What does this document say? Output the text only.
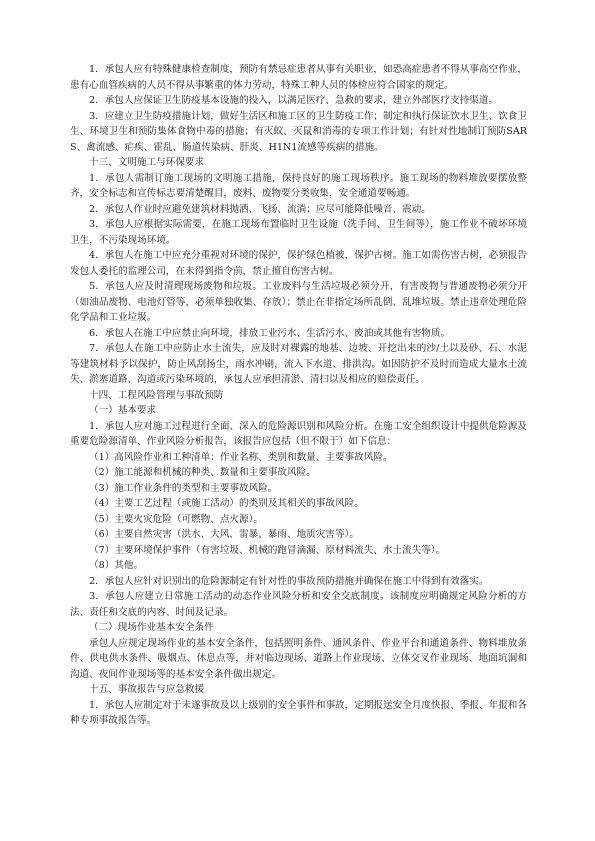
1．承包人应有特殊健康检查制度，预防有禁忌症患者从事有关职业，如恐高症患者不得从事高空作业，患有心血管疾病的人员不得从事繁重的体力劳动，特殊工种人员的体检应符合国家的规定。

2．承包人应保证卫生防疫基本设施的投入，以满足医疗、急救的要求，建立外部医疗支持渠道。

3．应建立卫生防疫措施计划，做好生活区和施工区的卫生防疫工作；制定和执行保证饮水卫生、饮食卫生、环境卫生和预防集体食物中毒的措施；有灭蚊、灭鼠和消毒的专项工作计划；有针对性地制订预防SARS、禽流感、疟疾、霍乱、肠道传染病、肝炎、H1N1流感等疾病的措施。

十三、文明施工与环保要求

1．承包人需制订施工现场的文明施工措施，保持良好的施工现场秩序。施工现场的物料堆放要摆放整齐，安全标志和宣传标志要清楚醒目，废料、废物要分类收集，安全通道要畅通。

2．承包人作业时应避免建筑材料抛洒、飞扬、流淌；应尽可能降低噪音、震动。

3．承包人应根据实际需要，在施工现场布置临时卫生设施（洗手间、卫生间等），施工作业不破坏环境卫生，不污染现场环境。

4．承包人在施工中应充分重视对环境的保护，保护绿色植被，保护古树。施工如需伤害古树，必须报告发包人委托的监理公司，在未得到指令前，禁止擅自伤害古树。

5．承包人应及时清理现场废物和垃圾。工业废料与生活垃圾必须分开，有害废物与普通废物必须分开（如油品废物、电池灯管等，必须单独收集、存放）；禁止在非指定场所乱倒、乱堆垃圾。禁止违章处理危险化学品和工业垃圾。

6．承包人在施工中应禁止向环境，排放工业污水、生活污水、废油或其他有害物质。

7．承包人在施工中应防止水土流失，应及时对裸露的地基、边坡、开挖出来的沙/土以及砂、石、水泥等建筑材料予以保护，防止风刮扬尘，雨水冲刷，流入下水道、排洪沟。如因防护不及时而造成大量水土流失、淤塞道路、沟道或污染环境的，承包人应承担清淤、清扫以及相应的赔偿责任。

十四、工程风险管理与事故预防

（一）基本要求

1．承包人应对施工过程进行全面、深入的危险源识别和风险分析。在施工安全组织设计中提供危险源及重要危险源清单、作业风险分析报告，该报告应包括（但不限于）如下信息：

（1）高风险作业和工种清单：作业名称、类别和数量、主要事故风险。

（2）施工能源和机械的种类、数量和主要事故风险。

（3）施工作业条件的类型和主要事故风险。

（4）主要工艺过程（或施工活动）的类别及其相关的事故风险。

（5）主要火灾危险（可燃物、点火源）。

（6）主要自然灾害（洪水、大风、雷暴、暴雨、地质灾害等）。

（7）主要环境保护事件（有害垃圾、机械的跑冒滴漏、原材料流失、水土流失等）。

（8）其他。

2．承包人应针对识别出的危险源制定有针对性的事故预防措施并确保在施工中得到有效落实。

3．承包人应建立日常施工活动的动态作业风险分析和安全交底制度。该制度应明确规定风险分析的方法、责任和交底的内容、时间及记录。

（二）现场作业基本安全条件

承包人应规定现场作业的基本安全条件，包括照明条件、通风条件、作业平台和通道条件、物料堆放条件、供电供水条件、吸烟点、休息点等，并对临边现场、道路上作业现场、立体交叉作业现场、地面坑洞和沟道、夜间作业现场等的基本安全条件做出规定。

十五、事故报告与应急救援

1．承包人应制定对于未遂事故及以上级别的安全事件和事故，定期报送安全月度快报、季报、年报和各种专项事故报告等。
